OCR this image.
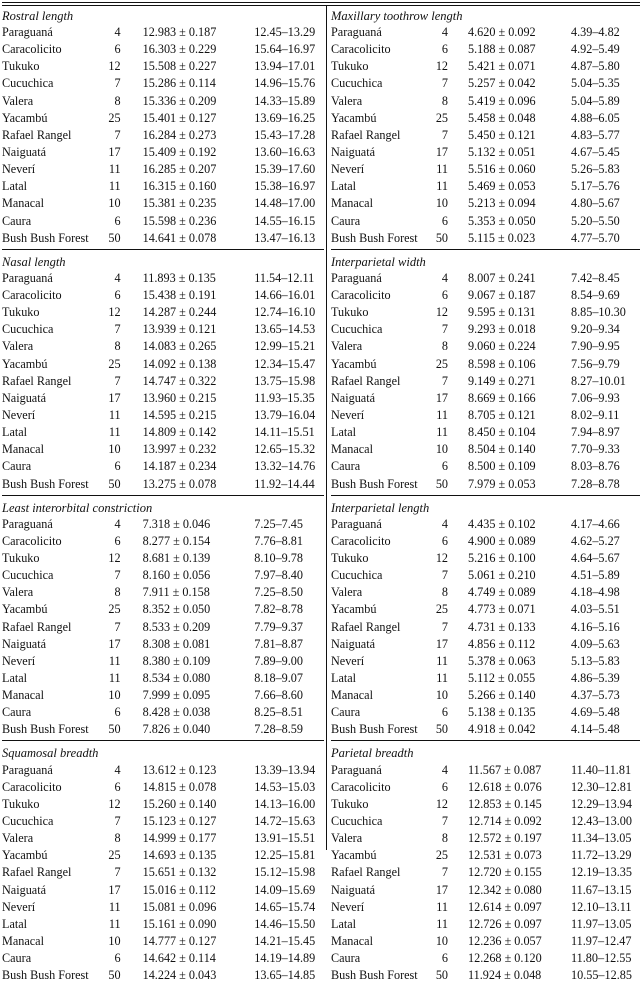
Rostral length
Paraguaná	4	12.983 ± 0.187	12.45–13.29
Caracolicito	6	16.303 ± 0.229	15.64–16.97
Tukuko	12	15.508 ± 0.227	13.94–17.01
Cucuchica	7	15.286 ± 0.114	14.96–15.76
Valera	8	15.336 ± 0.209	14.33–15.89
Yacambú	25	15.401 ± 0.127	13.69–16.25
Rafael Rangel	7	16.284 ± 0.273	15.43–17.28
Naiguatá	17	15.409 ± 0.192	13.60–16.63
Neverí	11	16.285 ± 0.207	15.39–17.60
Latal	11	16.315 ± 0.160	15.38–16.97
Manacal	10	15.381 ± 0.235	14.48–17.00
Caura	6	15.598 ± 0.236	14.55–16.15
Bush Bush Forest	50	14.641 ± 0.078	13.47–16.13
Nasal length
Paraguaná	4	11.893 ± 0.135	11.54–12.11
Caracolicito	6	15.438 ± 0.191	14.66–16.01
Tukuko	12	14.287 ± 0.244	12.74–16.10
Cucuchica	7	13.939 ± 0.121	13.65–14.53
Valera	8	14.083 ± 0.265	12.99–15.21
Yacambú	25	14.092 ± 0.138	12.34–15.47
Rafael Rangel	7	14.747 ± 0.322	13.75–15.98
Naiguatá	17	13.960 ± 0.215	11.93–15.35
Neverí	11	14.595 ± 0.215	13.79–16.04
Latal	11	14.809 ± 0.142	14.11–15.51
Manacal	10	13.997 ± 0.232	12.65–15.32
Caura	6	14.187 ± 0.234	13.32–14.76
Bush Bush Forest	50	13.275 ± 0.078	11.92–14.44
Least interorbital constriction
Paraguaná	4	7.318 ± 0.046	7.25–7.45
Caracolicito	6	8.277 ± 0.154	7.76–8.81
Tukuko	12	8.681 ± 0.139	8.10–9.78
Cucuchica	7	8.160 ± 0.056	7.97–8.40
Valera	8	7.911 ± 0.158	7.25–8.50
Yacambú	25	8.352 ± 0.050	7.82–8.78
Rafael Rangel	7	8.533 ± 0.209	7.79–9.37
Naiguatá	17	8.308 ± 0.081	7.81–8.87
Neverí	11	8.380 ± 0.109	7.89–9.00
Latal	11	8.534 ± 0.080	8.18–9.07
Manacal	10	7.999 ± 0.095	7.66–8.60
Caura	6	8.428 ± 0.038	8.25–8.51
Bush Bush Forest	50	7.826 ± 0.040	7.28–8.59
Squamosal breadth
Paraguaná	4	13.612 ± 0.123	13.39–13.94
Caracolicito	6	14.815 ± 0.078	14.53–15.03
Tukuko	12	15.260 ± 0.140	14.13–16.00
Cucuchica	7	15.123 ± 0.127	14.72–15.63
Valera	8	14.999 ± 0.177	13.91–15.51
Yacambú	25	14.693 ± 0.135	12.25–15.81
Rafael Rangel	7	15.651 ± 0.132	15.12–15.98
Naiguatá	17	15.016 ± 0.112	14.09–15.69
Neverí	11	15.081 ± 0.096	14.65–15.74
Latal	11	15.161 ± 0.090	14.46–15.50
Manacal	10	14.777 ± 0.127	14.21–15.45
Caura	6	14.642 ± 0.114	14.19–14.89
Bush Bush Forest	50	14.224 ± 0.043	13.65–14.85
Maxillary toothrow length
Paraguaná	4	4.620 ± 0.092	4.39–4.82
Caracolicito	6	5.188 ± 0.087	4.92–5.49
Tukuko	12	5.421 ± 0.071	4.87–5.80
Cucuchica	7	5.257 ± 0.042	5.04–5.35
Valera	8	5.419 ± 0.096	5.04–5.89
Yacambú	25	5.458 ± 0.048	4.88–6.05
Rafael Rangel	7	5.450 ± 0.121	4.83–5.77
Naiguatá	17	5.132 ± 0.051	4.67–5.45
Neverí	11	5.516 ± 0.060	5.26–5.83
Latal	11	5.469 ± 0.053	5.17–5.76
Manacal	10	5.213 ± 0.094	4.80–5.67
Caura	6	5.353 ± 0.050	5.20–5.50
Bush Bush Forest	50	5.115 ± 0.023	4.77–5.70
Interparietal width
Paraguaná	4	8.007 ± 0.241	7.42–8.45
Caracolicito	6	9.067 ± 0.187	8.54–9.69
Tukuko	12	9.595 ± 0.131	8.85–10.30
Cucuchica	7	9.293 ± 0.018	9.20–9.34
Valera	8	9.060 ± 0.224	7.90–9.95
Yacambú	25	8.598 ± 0.106	7.56–9.79
Rafael Rangel	7	9.149 ± 0.271	8.27–10.01
Naiguatá	17	8.669 ± 0.166	7.06–9.93
Neverí	11	8.705 ± 0.121	8.02–9.11
Latal	11	8.450 ± 0.104	7.94–8.97
Manacal	10	8.504 ± 0.140	7.70–9.33
Caura	6	8.500 ± 0.109	8.03–8.76
Bush Bush Forest	50	7.979 ± 0.053	7.28–8.78
Interparietal length
Paraguaná	4	4.435 ± 0.102	4.17–4.66
Caracolicito	6	4.900 ± 0.089	4.62–5.27
Tukuko	12	5.216 ± 0.100	4.64–5.67
Cucuchica	7	5.061 ± 0.210	4.51–5.89
Valera	8	4.749 ± 0.089	4.18–4.98
Yacambú	25	4.773 ± 0.071	4.03–5.51
Rafael Rangel	7	4.731 ± 0.133	4.16–5.16
Naiguatá	17	4.856 ± 0.112	4.09–5.63
Neverí	11	5.378 ± 0.063	5.13–5.83
Latal	11	5.112 ± 0.055	4.86–5.39
Manacal	10	5.266 ± 0.140	4.37–5.73
Caura	6	5.138 ± 0.135	4.69–5.48
Bush Bush Forest	50	4.918 ± 0.042	4.14–5.48
Parietal breadth
Paraguaná	4	11.567 ± 0.087	11.40–11.81
Caracolicito	6	12.618 ± 0.076	12.30–12.81
Tukuko	12	12.853 ± 0.145	12.29–13.94
Cucuchica	7	12.714 ± 0.092	12.43–13.00
Valera	8	12.572 ± 0.197	11.34–13.05
Yacambú	25	12.531 ± 0.073	11.72–13.29
Rafael Rangel	7	12.720 ± 0.155	12.19–13.35
Naiguatá	17	12.342 ± 0.080	11.67–13.15
Neverí	11	12.614 ± 0.097	12.10–13.11
Latal	11	12.726 ± 0.097	11.97–13.05
Manacal	10	12.236 ± 0.057	11.97–12.47
Caura	6	12.268 ± 0.120	11.80–12.55
Bush Bush Forest	50	11.924 ± 0.048	10.55–12.85
